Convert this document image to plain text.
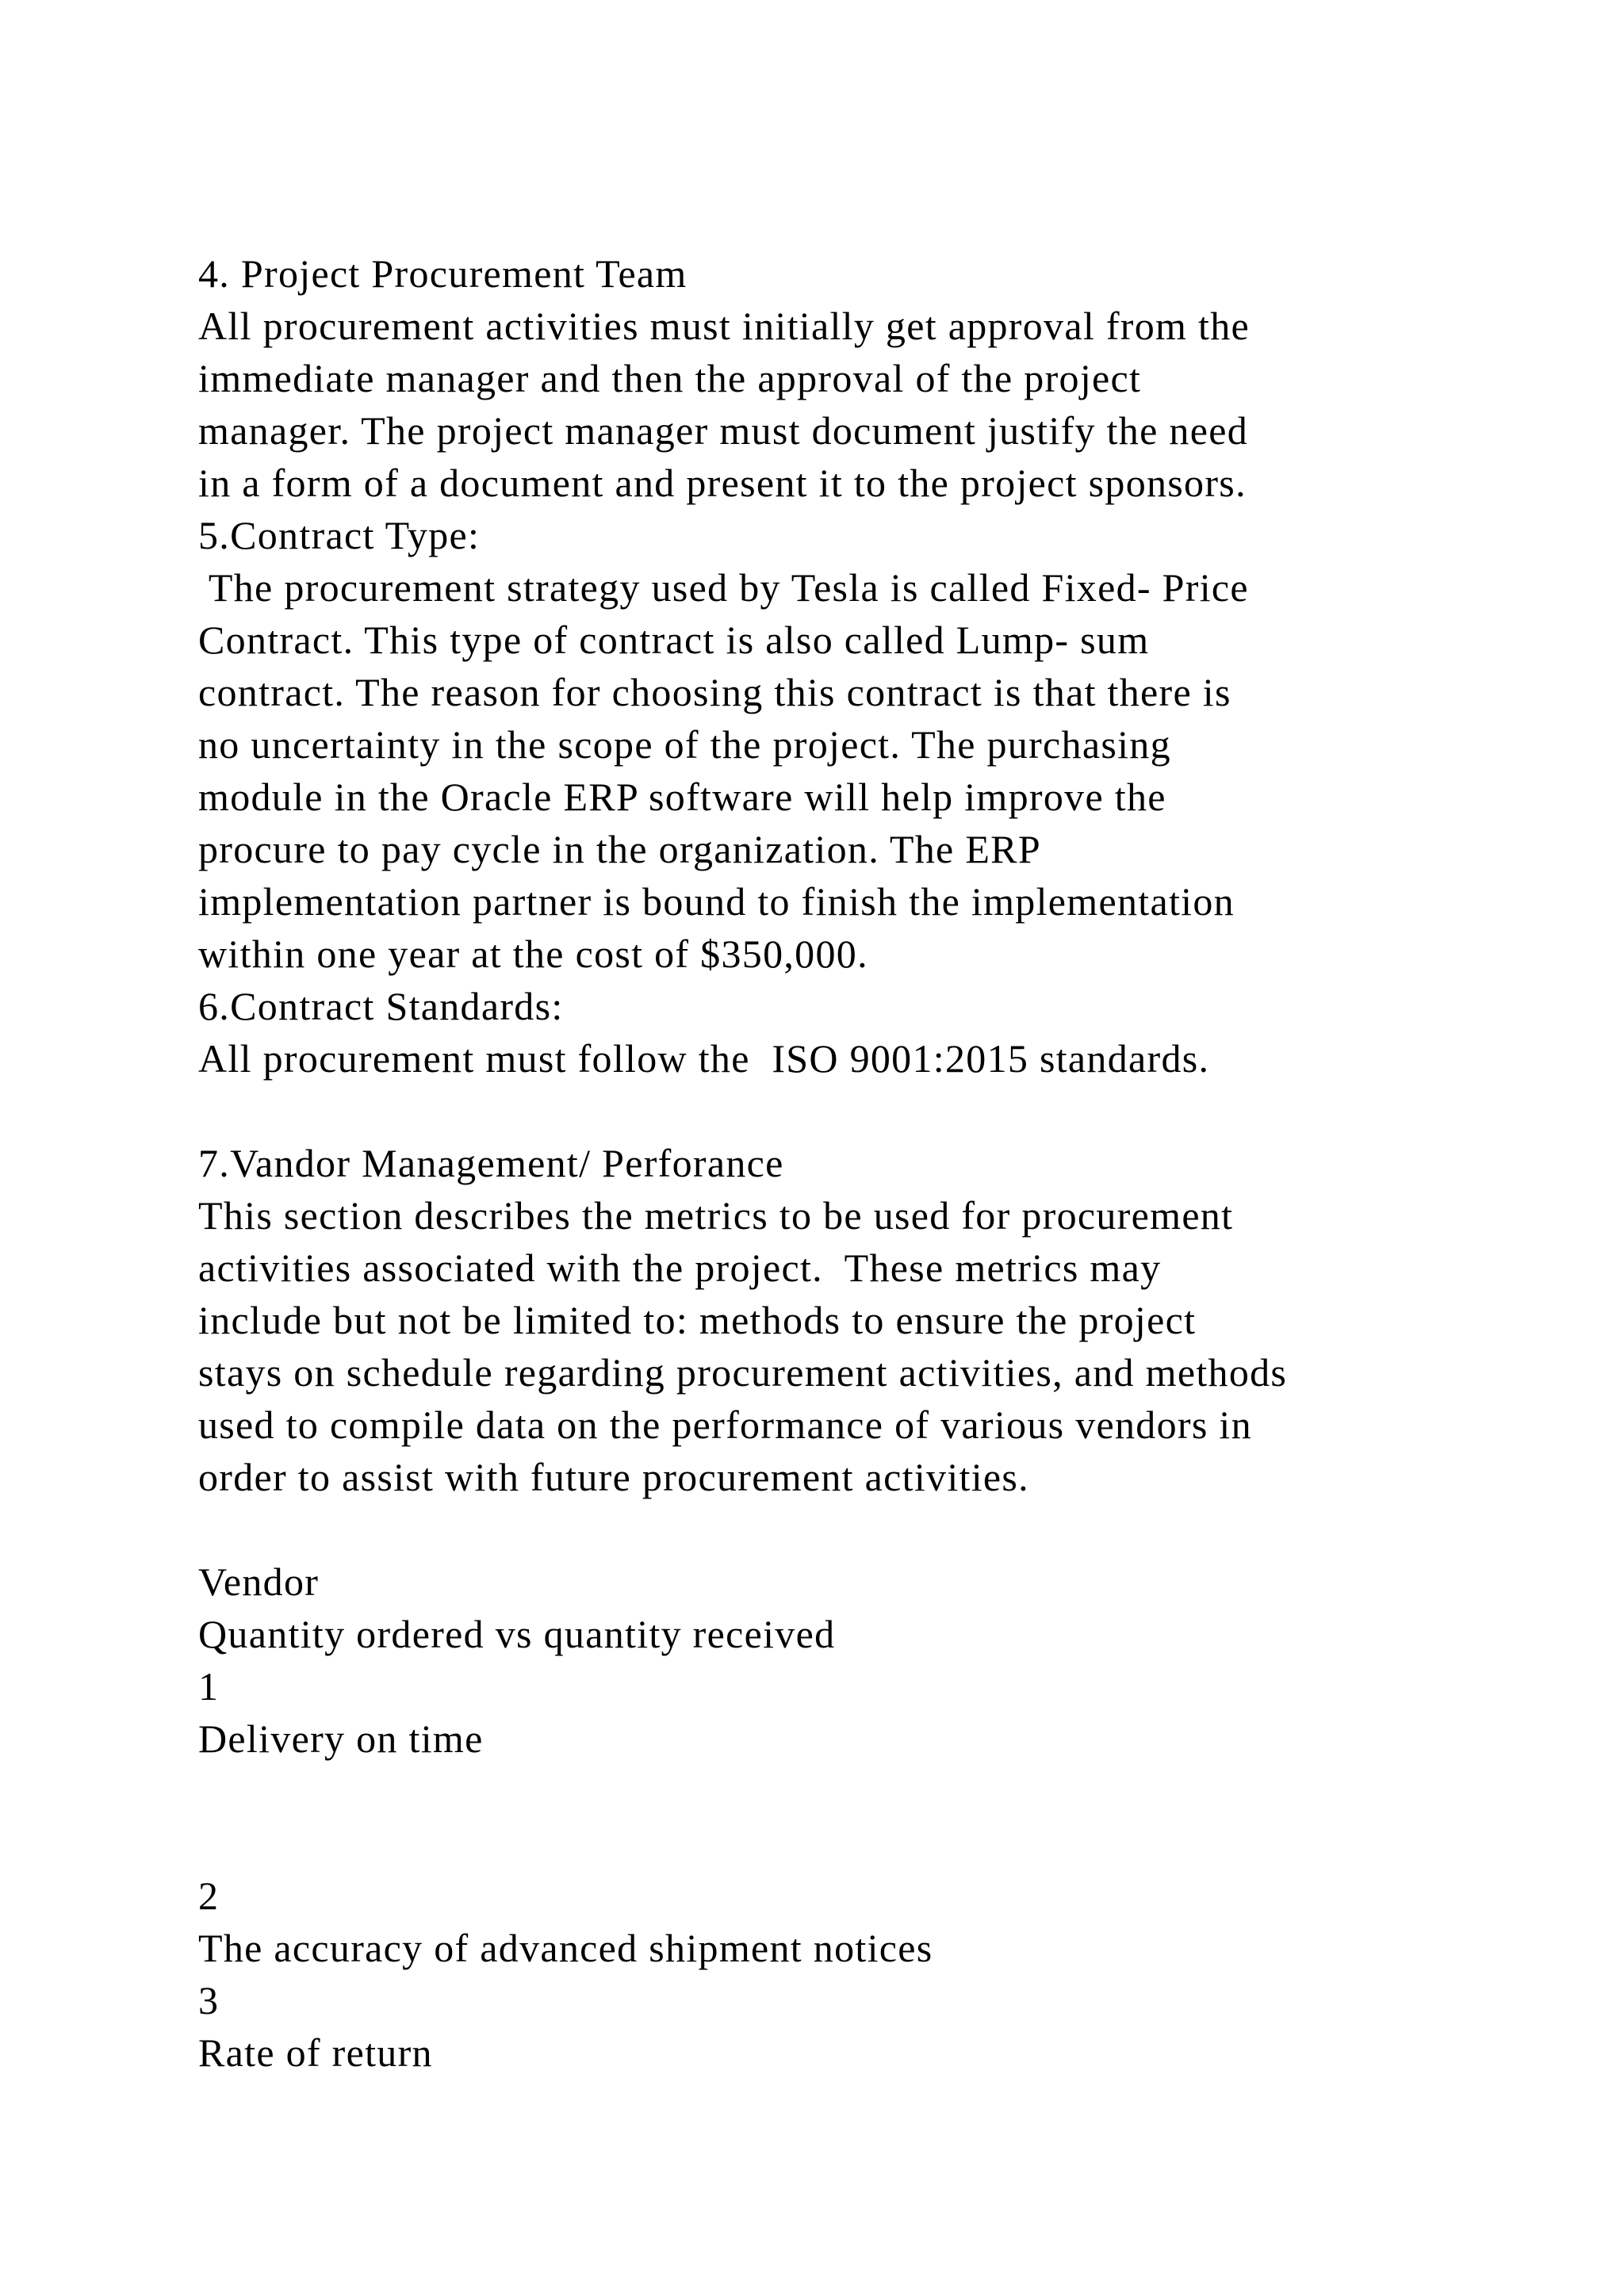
4. Project Procurement Team
All procurement activities must initially get approval from the
immediate manager and then the approval of the project
manager. The project manager must document justify the need
in a form of a document and present it to the project sponsors.
5.Contract Type:
The procurement strategy used by Tesla is called Fixed- Price
Contract. This type of contract is also called Lump- sum
contract. The reason for choosing this contract is that there is
no uncertainty in the scope of the project. The purchasing
module in the Oracle ERP software will help improve the
procure to pay cycle in the organization. The ERP
implementation partner is bound to finish the implementation
within one year at the cost of $350,000.
6.Contract Standards:
All procurement must follow the  ISO 9001:2015 standards.
7.Vandor Management/ Perforance
This section describes the metrics to be used for procurement
activities associated with the project.  These metrics may
include but not be limited to: methods to ensure the project
stays on schedule regarding procurement activities, and methods
used to compile data on the performance of various vendors in
order to assist with future procurement activities.
Vendor
Quantity ordered vs quantity received
1
Delivery on time
2
The accuracy of advanced shipment notices
3
Rate of return
